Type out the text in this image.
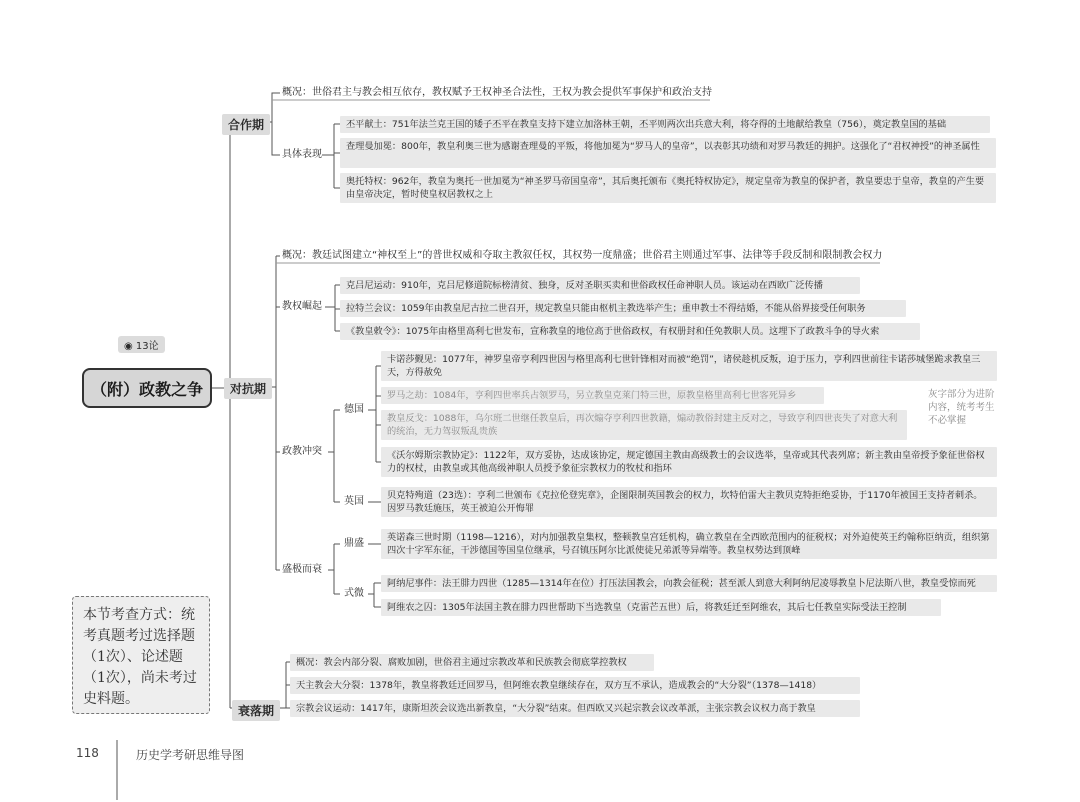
◉ 13论
（附）政教之争
合作期
概况：世俗君主与教会相互依存，教权赋予王权神圣合法性，王权为教会提供军事保护和政治支持
具体表现
丕平献土：751年法兰克王国的矮子丕平在教皇支持下建立加洛林王朝，丕平则两次出兵意大利，将夺得的土地献给教皇（756），奠定教皇国的基础
查理曼加冕：800年，教皇利奥三世为感谢查理曼的平叛，将他加冕为“罗马人的皇帝”，以表彰其功绩和对罗马教廷的拥护。这强化了“君权神授”的神圣属性
奥托特权：962年，教皇为奥托一世加冕为“神圣罗马帝国皇帝”，其后奥托颁布《奥托特权协定》，规定皇帝为教皇的保护者，教皇要忠于皇帝，教皇的产生要由皇帝决定，暂时使皇权居教权之上
对抗期
概况：教廷试图建立“神权至上”的普世权威和夺取主教叙任权，其权势一度鼎盛；世俗君主则通过军事、法律等手段反制和限制教会权力
教权崛起
克吕尼运动：910年，克吕尼修道院标榜清贫、独身，反对圣职买卖和世俗政权任命神职人员。该运动在西欧广泛传播
拉特兰会议：1059年由教皇尼古拉二世召开，规定教皇只能由枢机主教选举产生；重申教士不得结婚，不能从俗界接受任何职务
《教皇敕令》：1075年由格里高利七世发布，宣称教皇的地位高于世俗政权，有权册封和任免教职人员。这埋下了政教斗争的导火索
政教冲突
德国
卡诺莎觐见：1077年，神罗皇帝亨利四世因与格里高利七世针锋相对而被“绝罚”，诸侯趁机反叛，迫于压力，亨利四世前往卡诺莎城堡跪求教皇三天，方得赦免
罗马之劫：1084年，亨利四世率兵占领罗马，另立教皇克莱门特三世，原教皇格里高利七世客死异乡
教皇反戈：1088年，乌尔班二世继任教皇后，再次煽夺亨利四世教籍，煽动教俗封建主反对之，导致亨利四世丧失了对意大利的统治，无力驾驭叛乱贵族
《沃尔姆斯宗教协定》：1122年，双方妥协，达成该协定，规定德国主教由高级教士的会议选举，皇帝或其代表列席；新主教由皇帝授予象征世俗权力的权杖，由教皇或其他高级神职人员授予象征宗教权力的牧杖和指环
灰字部分为进阶内容，统考考生不必掌握
英国
贝克特殉道（23选）：亨利二世颁布《克拉伦登宪章》，企图限制英国教会的权力，坎特伯雷大主教贝克特拒绝妥协，于1170年被国王支持者刺杀。因罗马教廷施压，英王被迫公开悔罪
盛极而衰
鼎盛
英诺森三世时期（1198—1216），对内加强教皇集权，整顿教皇宫廷机构，确立教皇在全西欧范围内的征税权；对外迫使英王约翰称臣纳贡，组织第四次十字军东征，干涉德国等国皇位继承，号召镇压阿尔比派使徒兄弟派等异端等。教皇权势达到顶峰
式微
阿纳尼事件：法王腓力四世（1285—1314年在位）打压法国教会，向教会征税；甚至派人到意大利阿纳尼凌辱教皇卜尼法斯八世，教皇受惊而死
阿维农之囚：1305年法国主教在腓力四世帮助下当选教皇（克雷芒五世）后，将教廷迁至阿维农，其后七任教皇实际受法王控制
衰落期
概况：教会内部分裂、腐败加剧，世俗君主通过宗教改革和民族教会彻底掌控教权
天主教会大分裂：1378年，教皇将教廷迁回罗马，但阿维农教皇继续存在，双方互不承认，造成教会的“大分裂”（1378—1418）
宗教会议运动：1417年，康斯坦茨会议选出新教皇，“大分裂”结束。但西欧又兴起宗教会议改革派，主张宗教会议权力高于教皇
本节考查方式：统考真题考过选择题（1次）、论述题（1次），尚未考过史料题。
118	历史学考研思维导图
